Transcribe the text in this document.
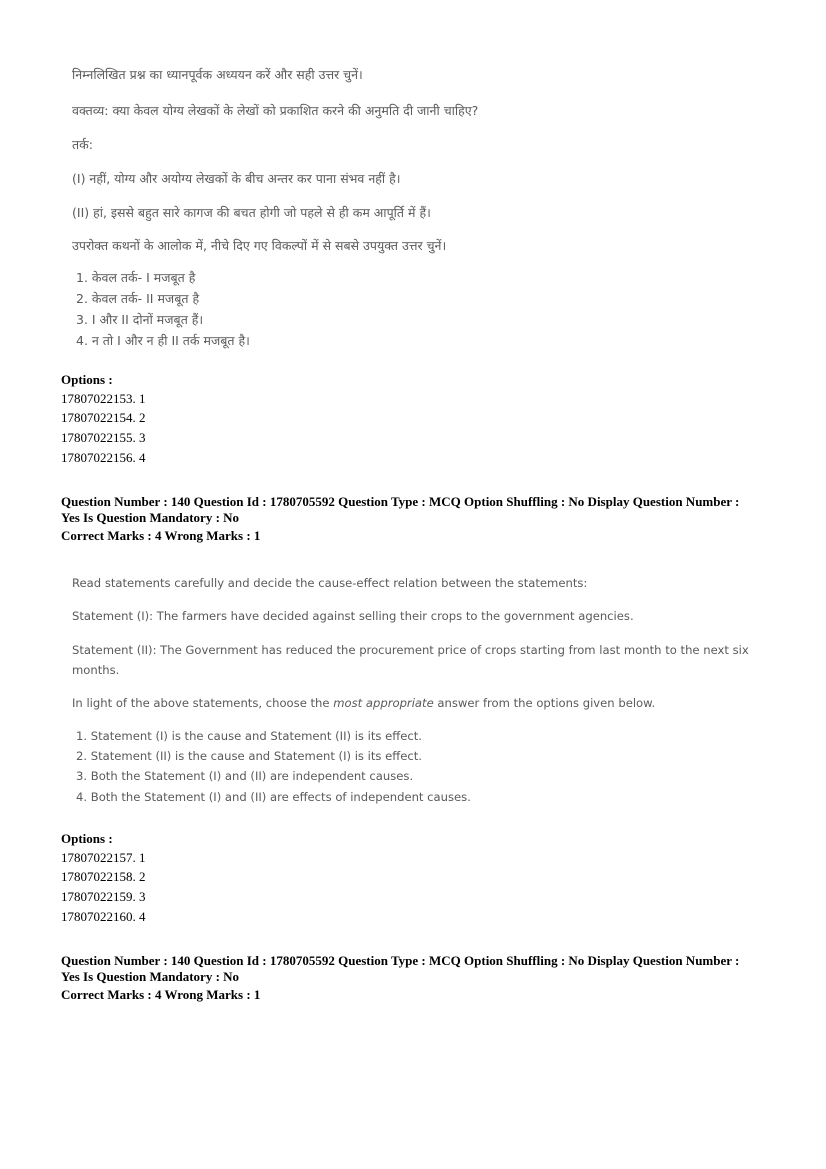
निम्नलिखित प्रश्न का ध्यानपूर्वक अध्ययन करें और सही उत्तर चुनें।
वक्तव्य: क्या केवल योग्य लेखकों के लेखों को प्रकाशित करने की अनुमति दी जानी चाहिए?
तर्क:
(I) नहीं, योग्य और अयोग्य लेखकों के बीच अन्तर कर पाना संभव नहीं है।
(II) हां, इससे बहुत सारे कागज की बचत होगी जो पहले से ही कम आपूर्ति में हैं।
उपरोक्त कथनों के आलोक में, नीचे दिए गए विकल्पों में से सबसे उपयुक्त उत्तर चुनें।
1. केवल तर्क- I मजबूत है
2. केवल तर्क- II मजबूत है
3. I और II दोनों मजबूत हैं।
4. न तो I और न ही II तर्क मजबूत है।
Options :
17807022153. 1
17807022154. 2
17807022155. 3
17807022156. 4
Question Number : 140 Question Id : 1780705592 Question Type : MCQ Option Shuffling : No Display Question Number :
Yes Is Question Mandatory : No
Correct Marks : 4 Wrong Marks : 1
Read statements carefully and decide the cause-effect relation between the statements:
Statement (I): The farmers have decided against selling their crops to the government agencies.
Statement (II): The Government has reduced the procurement price of crops starting from last month to the next six
months.
In light of the above statements, choose the most appropriate answer from the options given below.
1. Statement (I) is the cause and Statement (II) is its effect.
2. Statement (II) is the cause and Statement (I) is its effect.
3. Both the Statement (I) and (II) are independent causes.
4. Both the Statement (I) and (II) are effects of independent causes.
Options :
17807022157. 1
17807022158. 2
17807022159. 3
17807022160. 4
Question Number : 140 Question Id : 1780705592 Question Type : MCQ Option Shuffling : No Display Question Number :
Yes Is Question Mandatory : No
Correct Marks : 4 Wrong Marks : 1
